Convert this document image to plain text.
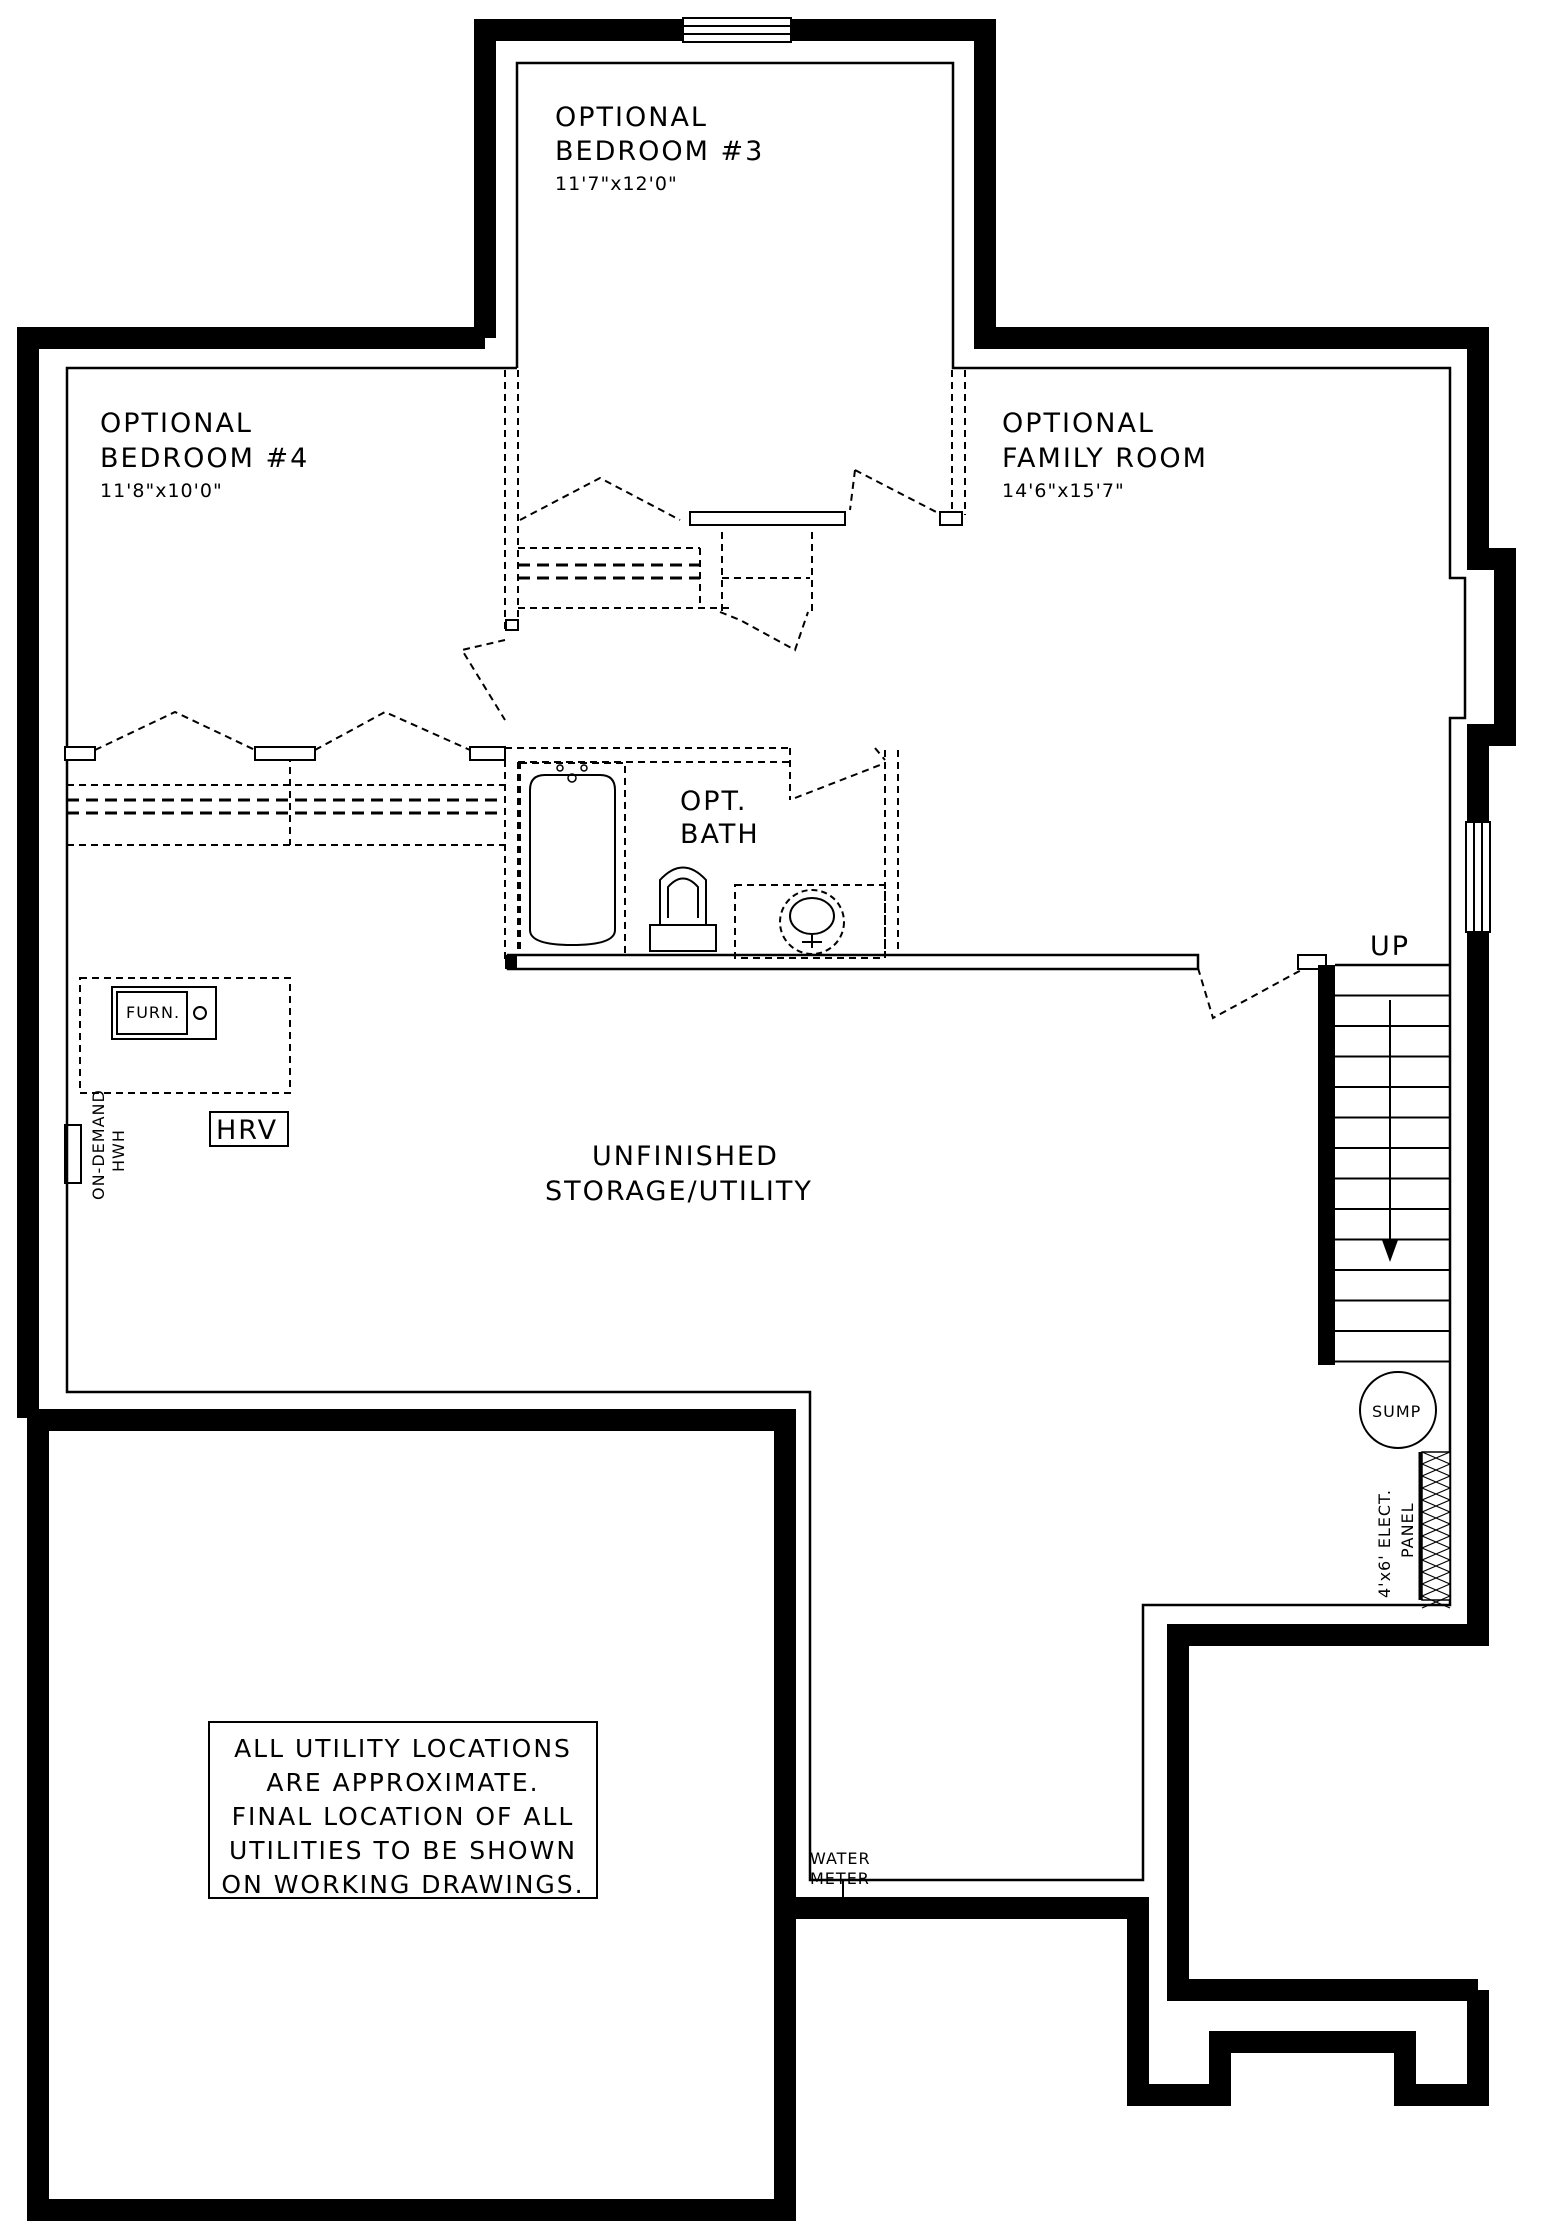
OPTIONAL
BEDROOM #3
11'7"x12'0"
OPTIONAL
BEDROOM #4
11'8"x10'0"
OPTIONAL
FAMILY ROOM
14'6"x15'7"
OPT.
BATH
UNFINISHED
STORAGE/UTILITY
FURN.
HRV
ON-DEMAND HWH
SUMP
4'x6' ELECT. PANEL
WATER
METER
UP
ALL UTILITY LOCATIONS
ARE APPROXIMATE.
FINAL LOCATION OF ALL
UTILITIES TO BE SHOWN
ON WORKING DRAWINGS.
